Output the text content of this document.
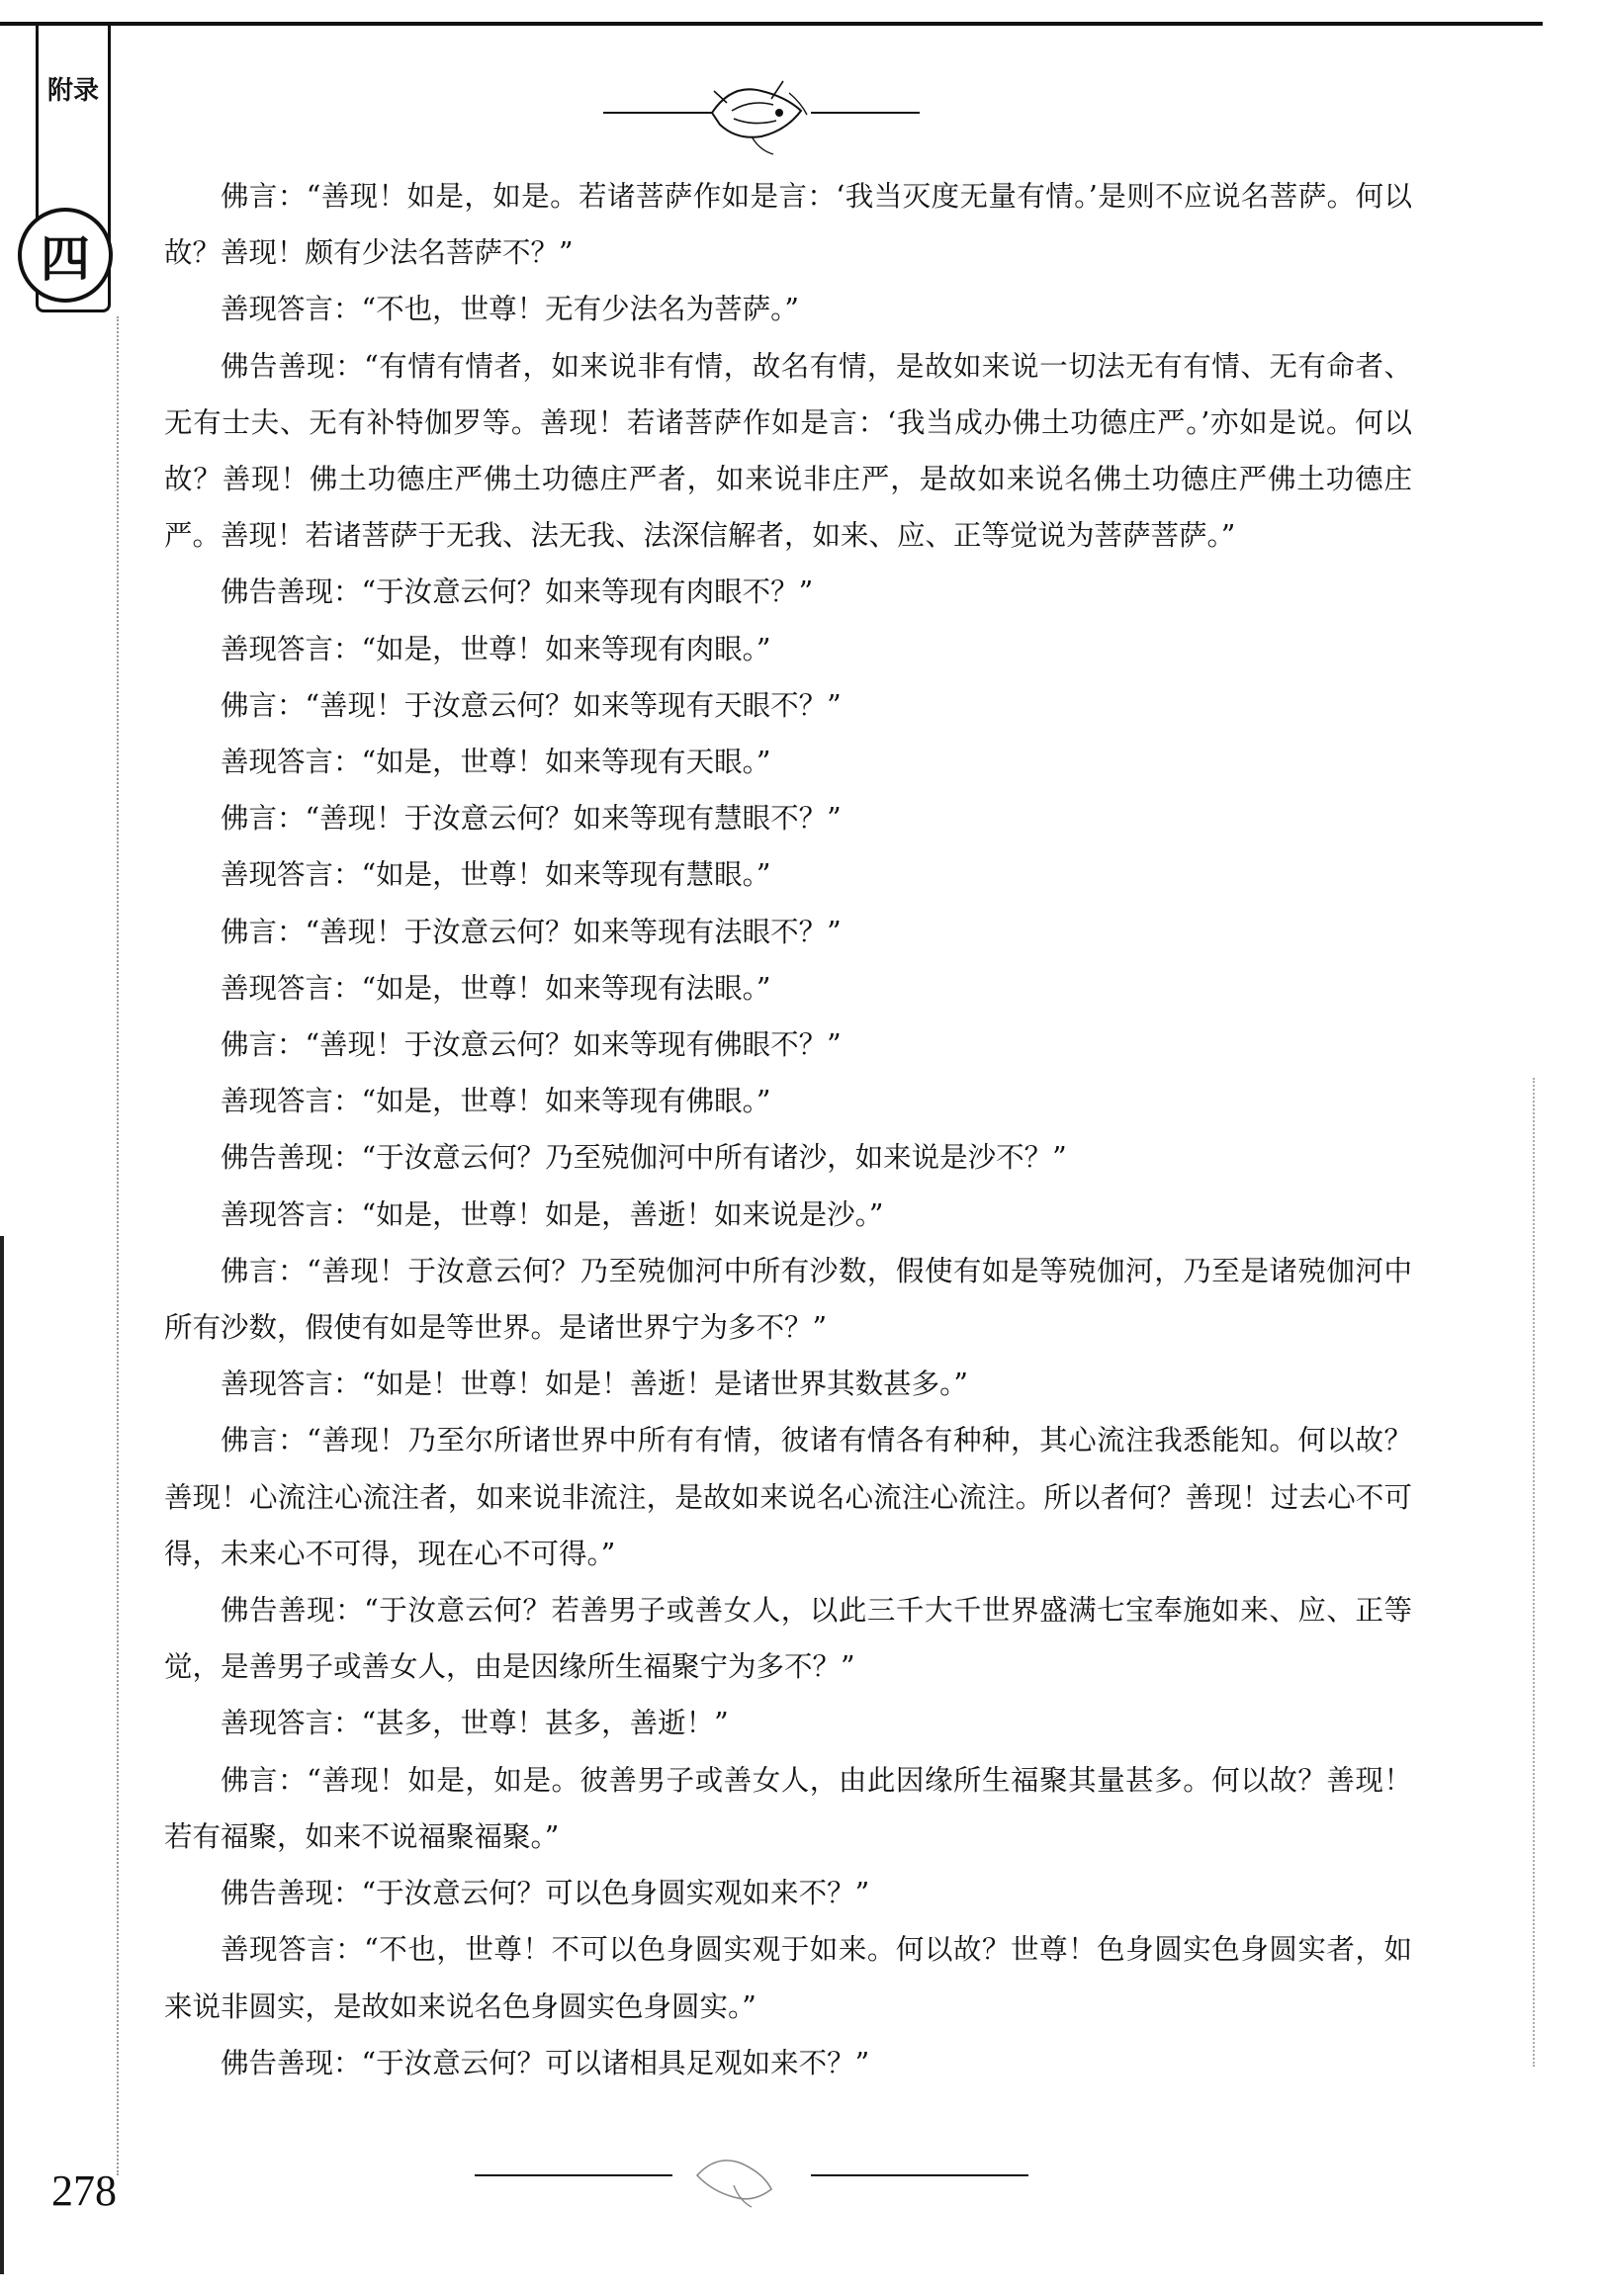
附录
四

佛言：“善现！如是，如是。若诸菩萨作如是言：‘我当灭度无量有情。’是则不应说名菩萨。何以故？善现！颇有少法名菩萨不？”

善现答言：“不也，世尊！无有少法名为菩萨。”

佛告善现：“有情有情者，如来说非有情，故名有情，是故如来说一切法无有有情、无有命者、无有士夫、无有补特伽罗等。善现！若诸菩萨作如是言：‘我当成办佛土功德庄严。’亦如是说。何以故？善现！佛土功德庄严佛土功德庄严者，如来说非庄严，是故如来说名佛土功德庄严佛土功德庄严。善现！若诸菩萨于无我、法无我、法深信解者，如来、应、正等觉说为菩萨菩萨。”

佛告善现：“于汝意云何？如来等现有肉眼不？”

善现答言：“如是，世尊！如来等现有肉眼。”

佛言：“善现！于汝意云何？如来等现有天眼不？”

善现答言：“如是，世尊！如来等现有天眼。”

佛言：“善现！于汝意云何？如来等现有慧眼不？”

善现答言：“如是，世尊！如来等现有慧眼。”

佛言：“善现！于汝意云何？如来等现有法眼不？”

善现答言：“如是，世尊！如来等现有法眼。”

佛言：“善现！于汝意云何？如来等现有佛眼不？”

善现答言：“如是，世尊！如来等现有佛眼。”

佛告善现：“于汝意云何？乃至殑伽河中所有诸沙，如来说是沙不？”

善现答言：“如是，世尊！如是，善逝！如来说是沙。”

佛言：“善现！于汝意云何？乃至殑伽河中所有沙数，假使有如是等殑伽河，乃至是诸殑伽河中所有沙数，假使有如是等世界。是诸世界宁为多不？”

善现答言：“如是！世尊！如是！善逝！是诸世界其数甚多。”

佛言：“善现！乃至尔所诸世界中所有有情，彼诸有情各有种种，其心流注我悉能知。何以故？善现！心流注心流注者，如来说非流注，是故如来说名心流注心流注。所以者何？善现！过去心不可得，未来心不可得，现在心不可得。”

佛告善现：“于汝意云何？若善男子或善女人，以此三千大千世界盛满七宝奉施如来、应、正等觉，是善男子或善女人，由是因缘所生福聚宁为多不？”

善现答言：“甚多，世尊！甚多，善逝！”

佛言：“善现！如是，如是。彼善男子或善女人，由此因缘所生福聚其量甚多。何以故？善现！若有福聚，如来不说福聚福聚。”

佛告善现：“于汝意云何？可以色身圆实观如来不？”

善现答言：“不也，世尊！不可以色身圆实观于如来。何以故？世尊！色身圆实色身圆实者，如来说非圆实，是故如来说名色身圆实色身圆实。”

佛告善现：“于汝意云何？可以诸相具足观如来不？”

278
